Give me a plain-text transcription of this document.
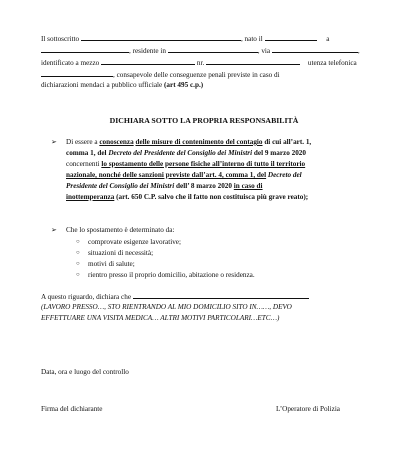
Il sottoscritto	, nato il	a
, residente in	, via	,
identificato a mezzo	nr.	utenza telefonica
, consapevole delle conseguenze penali previste in caso di
dichiarazioni mendaci a pubblico ufficiale (art 495 c.p.)
DICHIARA SOTTO LA PROPRIA RESPONSABILITÀ
➢ Di essere a conoscenza delle misure di contenimento del contagio di cui all’art. 1,
comma 1, del Decreto del Presidente del Consiglio dei Ministri del 9 marzo 2020
concernenti lo spostamento delle persone fisiche all’interno di tutto il territorio
nazionale, nonché delle sanzioni previste dall’art. 4, comma 1, del Decreto del
Presidente del Consiglio dei Ministri dell’ 8 marzo 2020 in caso di
inottemperanza (art. 650 C.P. salvo che il fatto non costituisca più grave reato);
➢ Che lo spostamento è determinato da:
○ comprovate esigenze lavorative;
○ situazioni di necessità;
○ motivi di salute;
○ rientro presso il proprio domicilio, abitazione o residenza.
A questo riguardo, dichiara che
(LAVORO PRESSO…, STO RIENTRANDO AL MIO DOMICILIO SITO IN……, DEVO
EFFETTUARE UNA VISITA MEDICA… ALTRI MOTIVI PARTICOLARI…ETC…)
Data, ora e luogo del controllo
Firma del dichiarante	L’Operatore di Polizia
